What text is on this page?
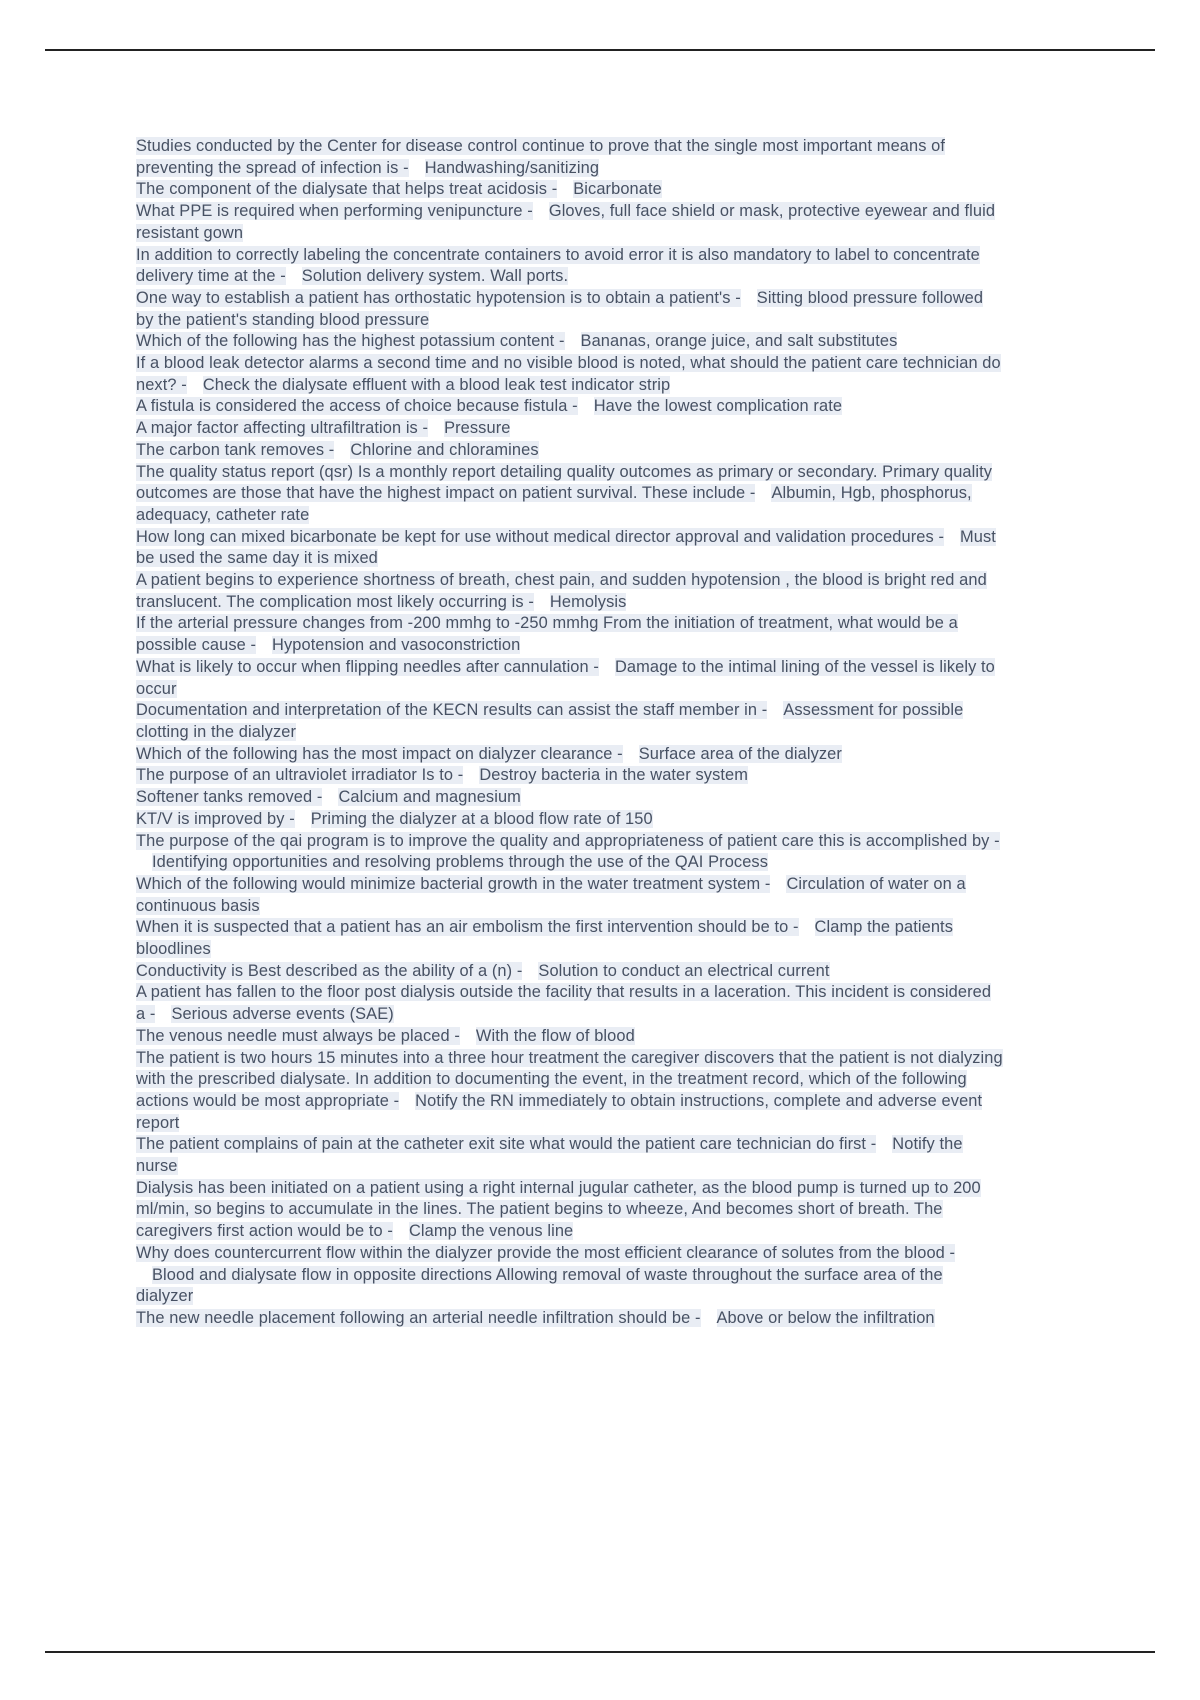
Studies conducted by the Center for disease control continue to prove that the single most important means of preventing the spread of infection is - Handwashing/sanitizing

The component of the dialysate that helps treat acidosis - Bicarbonate

What PPE is required when performing venipuncture - Gloves, full face shield or mask, protective eyewear and fluid resistant gown

In addition to correctly labeling the concentrate containers to avoid error it is also mandatory to label to concentrate delivery time at the - Solution delivery system. Wall ports.

One way to establish a patient has orthostatic hypotension is to obtain a patient's - Sitting blood pressure followed by the patient's standing blood pressure

Which of the following has the highest potassium content - Bananas, orange juice, and salt substitutes

If a blood leak detector alarms a second time and no visible blood is noted, what should the patient care technician do next? - Check the dialysate effluent with a blood leak test indicator strip

A fistula is considered the access of choice because fistula - Have the lowest complication rate

A major factor affecting ultrafiltration is - Pressure

The carbon tank removes - Chlorine and chloramines

The quality status report (qsr) Is a monthly report detailing quality outcomes as primary or secondary. Primary quality outcomes are those that have the highest impact on patient survival. These include - Albumin, Hgb, phosphorus, adequacy, catheter rate

How long can mixed bicarbonate be kept for use without medical director approval and validation procedures - Must be used the same day it is mixed

A patient begins to experience shortness of breath, chest pain, and sudden hypotension , the blood is bright red and translucent. The complication most likely occurring is - Hemolysis

If the arterial pressure changes from -200 mmhg to -250 mmhg From the initiation of treatment, what would be a possible cause - Hypotension and vasoconstriction

What is likely to occur when flipping needles after cannulation - Damage to the intimal lining of the vessel is likely to occur

Documentation and interpretation of the KECN results can assist the staff member in - Assessment for possible clotting in the dialyzer

Which of the following has the most impact on dialyzer clearance - Surface area of the dialyzer

The purpose of an ultraviolet irradiator Is to - Destroy bacteria in the water system

Softener tanks removed - Calcium and magnesium

KT/V is improved by - Priming the dialyzer at a blood flow rate of 150

The purpose of the qai program is to improve the quality and appropriateness of patient care this is accomplished by -Identifying opportunities and resolving problems through the use of the QAI Process

Which of the following would minimize bacterial growth in the water treatment system - Circulation of water on a continuous basis

When it is suspected that a patient has an air embolism the first intervention should be to - Clamp the patients bloodlines

Conductivity is Best described as the ability of a (n) - Solution to conduct an electrical current

A patient has fallen to the floor post dialysis outside the facility that results in a laceration. This incident is considered a - Serious adverse events (SAE)

The venous needle must always be placed - With the flow of blood

The patient is two hours 15 minutes into a three hour treatment the caregiver discovers that the patient is not dialyzing with the prescribed dialysate. In addition to documenting the event, in the treatment record, which of the following actions would be most appropriate - Notify the RN immediately to obtain instructions, complete and adverse event report

The patient complains of pain at the catheter exit site what would the patient care technician do first - Notify the nurse

Dialysis has been initiated on a patient using a right internal jugular catheter, as the blood pump is turned up to 200 ml/min, so begins to accumulate in the lines. The patient begins to wheeze, And becomes short of breath. The caregivers first action would be to - Clamp the venous line

Why does countercurrent flow within the dialyzer provide the most efficient clearance of solutes from the blood -Blood and dialysate flow in opposite directions Allowing removal of waste throughout the surface area of the dialyzer

The new needle placement following an arterial needle infiltration should be - Above or below the infiltration
